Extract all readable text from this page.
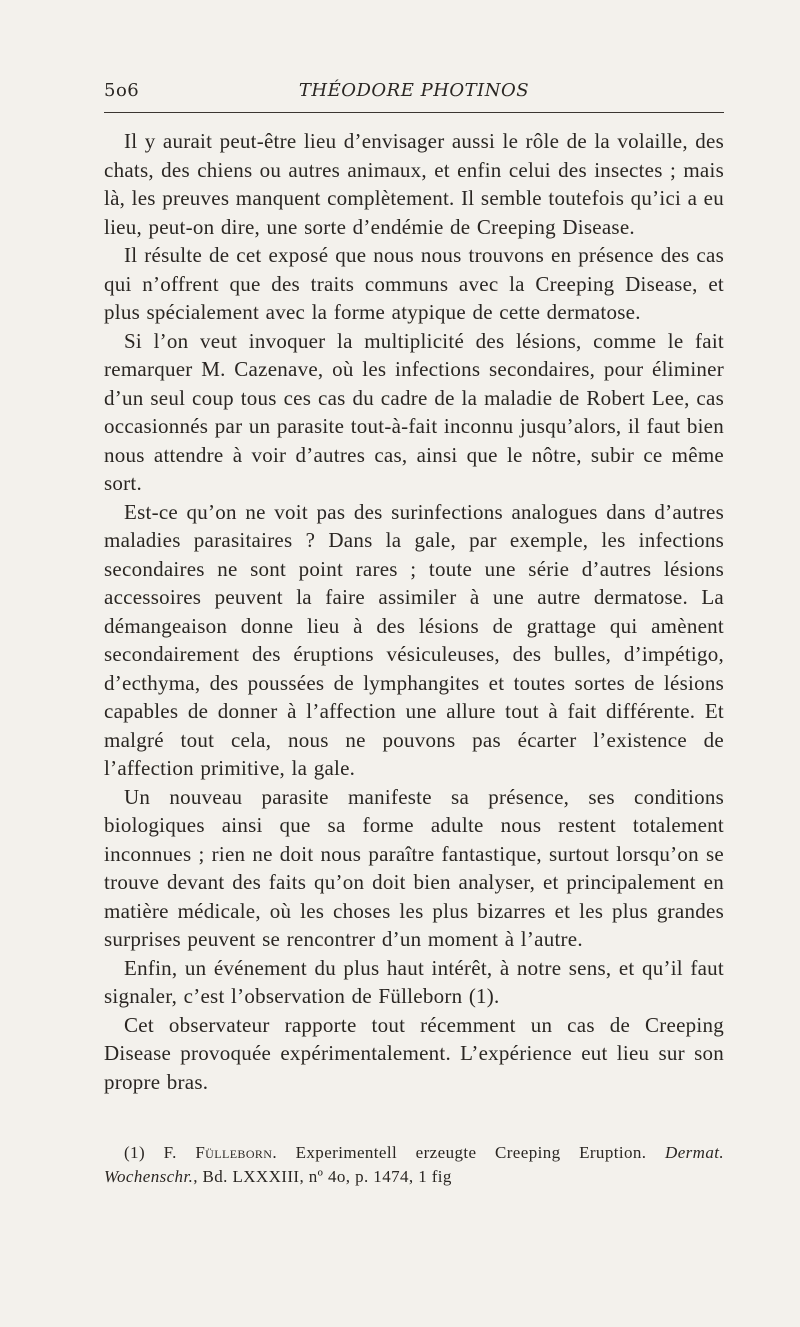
5o6	THÉODORE PHOTINOS

Il y aurait peut-être lieu d’envisager aussi le rôle de la volaille, des chats, des chiens ou autres animaux, et enfin celui des insectes ; mais là, les preuves manquent complètement. Il semble toutefois qu’ici a eu lieu, peut-on dire, une sorte d’endémie de Creeping Disease.

Il résulte de cet exposé que nous nous trouvons en présence des cas qui n’offrent que des traits communs avec la Creeping Disease, et plus spécialement avec la forme atypique de cette dermatose.

Si l’on veut invoquer la multiplicité des lésions, comme le fait remarquer M. Cazenave, où les infections secondaires, pour éliminer d’un seul coup tous ces cas du cadre de la maladie de Robert Lee, cas occasionnés par un parasite tout-à-fait inconnu jusqu’alors, il faut bien nous attendre à voir d’autres cas, ainsi que le nôtre, subir ce même sort.

Est-ce qu’on ne voit pas des surinfections analogues dans d’autres maladies parasitaires ? Dans la gale, par exemple, les infections secondaires ne sont point rares ; toute une série d’autres lésions accessoires peuvent la faire assimiler à une autre dermatose. La démangeaison donne lieu à des lésions de grattage qui amènent secondairement des éruptions vésiculeuses, des bulles, d’impétigo, d’ecthyma, des poussées de lymphangites et toutes sortes de lésions capables de donner à l’affection une allure tout à fait différente. Et malgré tout cela, nous ne pouvons pas écarter l’existence de l’affection primitive, la gale.

Un nouveau parasite manifeste sa présence, ses conditions biologiques ainsi que sa forme adulte nous restent totalement inconnues ; rien ne doit nous paraître fantastique, surtout lorsqu’on se trouve devant des faits qu’on doit bien analyser, et principalement en matière médicale, où les choses les plus bizarres et les plus grandes surprises peuvent se rencontrer d’un moment à l’autre.

Enfin, un événement du plus haut intérêt, à notre sens, et qu’il faut signaler, c’est l’observation de Fülleborn (1).

Cet observateur rapporte tout récemment un cas de Creeping Disease provoquée expérimentalement. L’expérience eut lieu sur son propre bras.

(1) F. Fülleborn. Experimentell erzeugte Creeping Eruption. Dermat. Wochenschr., Bd. LXXXIII, nº 4o, p. 1474, 1 fig
